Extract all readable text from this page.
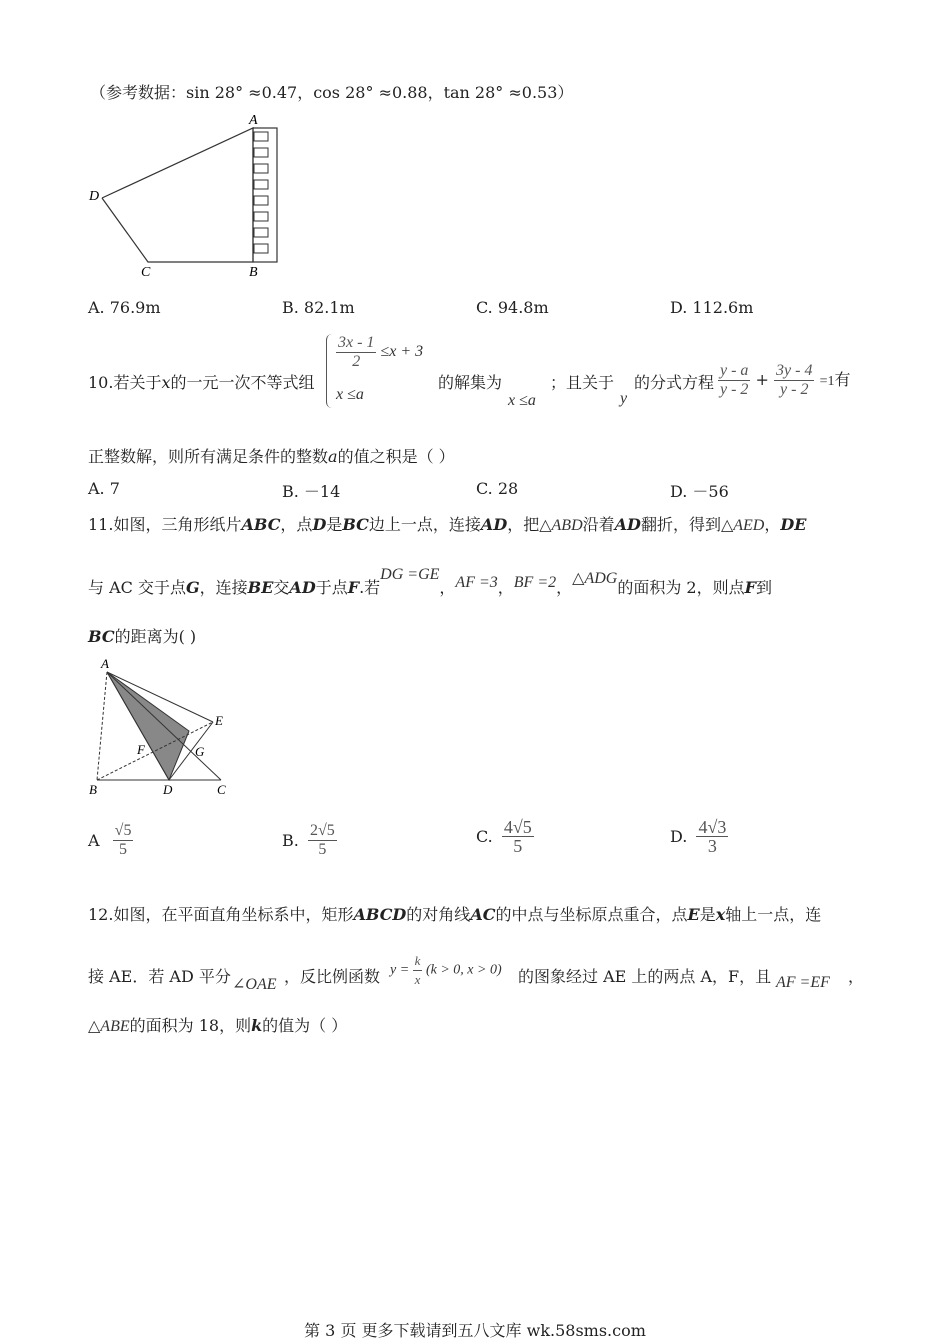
（参考数据：sin 28° ≈0.47，cos 28° ≈0.88，tan 28° ≈0.53）
A
D
C	B
A. 76.9m	B. 82.1m	C. 94.8m	D. 112.6m
10.若关于x的一元一次不等式组
$\frac{3x - 1}{2} \le x + 3$
x ≤a
的解集为
x ≤a
；且关于
y
的分式方程 $\frac{y - a}{y - 2} + \frac{3y - 4}{y - 2} =1$有
正整数解，则所有满足条件的整数a的值之积是（ ）
A. 7	B. －14	C. 28	D. －56
11.如图，三角形纸片ABC，点D是BC边上一点，连接AD，把△ABD沿着AD翻折，得到△AED，DE
与 AC 交于点G，连接BE交AD于点F.若DG =GE，AF =3，BF =2，△ADG的面积为 2，则点F到
BC的距离为( )
A
E
F	G
B	D	C
A $\frac{√5}{5}$	B. $\frac{2√5}{5}$	C. $\frac{4√5}{5}$	D. $\frac{4√3}{3}$
12.如图，在平面直角坐标系中，矩形ABCD的对角线AC的中点与坐标原点重合，点E是x轴上一点，连
接 AE．若 AD 平分 ∠OAE ，反比例函数 $y = \frac{k}{x} (k > 0$, x > 0) 的图象经过 AE 上的两点 A，F，且 AF =EF ，
△ABE的面积为 18，则k的值为（ ）
第 3 页 更多下载请到五八文库 wk.58sms.com
